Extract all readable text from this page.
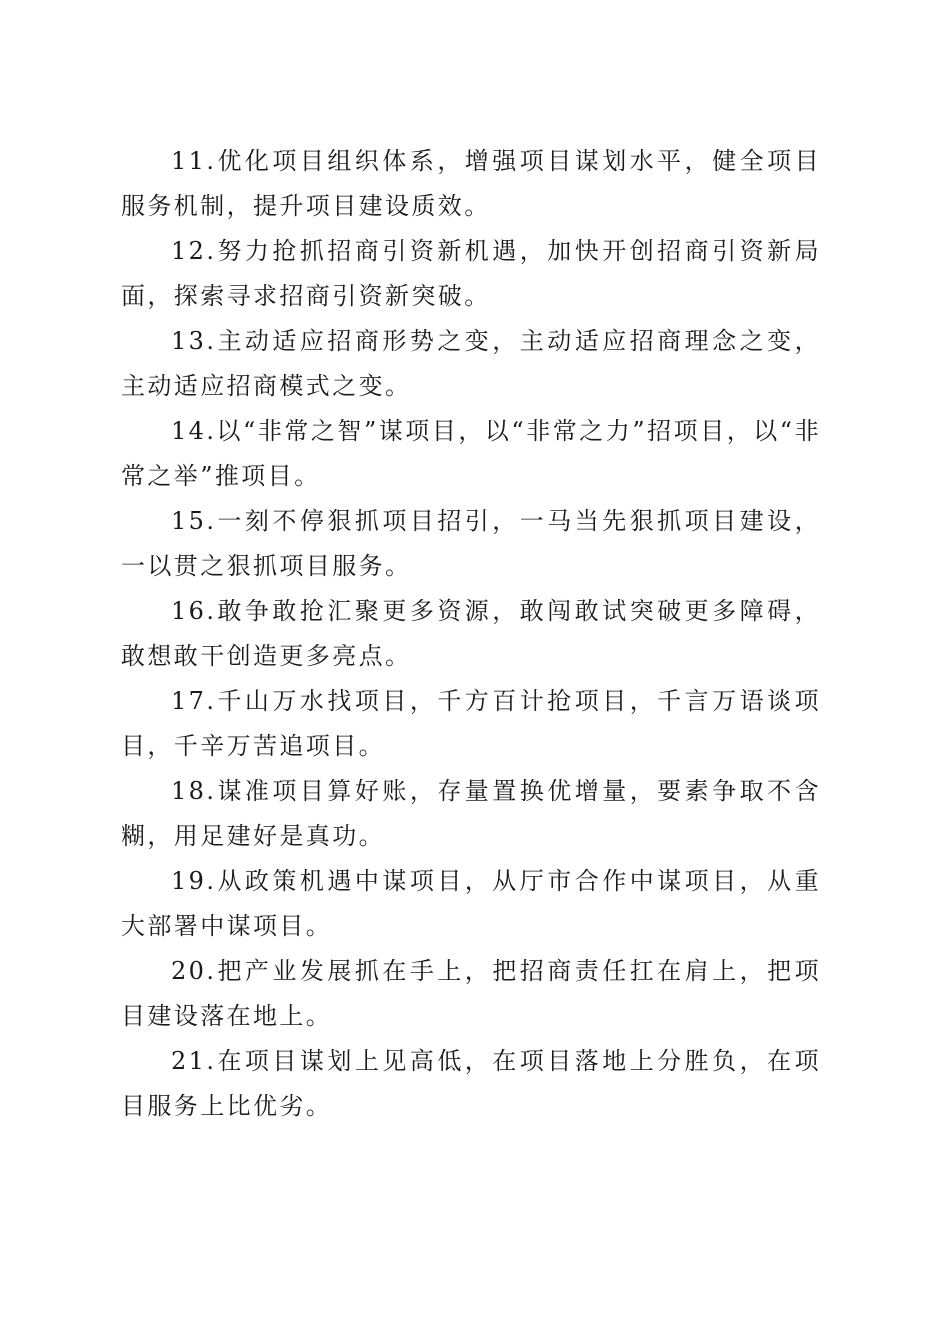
11.优化项目组织体系，增强项目谋划水平，健全项目服务机制，提升项目建设质效。

12.努力抢抓招商引资新机遇，加快开创招商引资新局面，探索寻求招商引资新突破。

13.主动适应招商形势之变，主动适应招商理念之变，主动适应招商模式之变。

14.以“非常之智”谋项目，以“非常之力”招项目，以“非常之举”推项目。

15.一刻不停狠抓项目招引，一马当先狠抓项目建设，一以贯之狠抓项目服务。

16.敢争敢抢汇聚更多资源，敢闯敢试突破更多障碍，敢想敢干创造更多亮点。

17.千山万水找项目，千方百计抢项目，千言万语谈项目，千辛万苦追项目。

18.谋准项目算好账，存量置换优增量，要素争取不含糊，用足建好是真功。

19.从政策机遇中谋项目，从厅市合作中谋项目，从重大部署中谋项目。

20.把产业发展抓在手上，把招商责任扛在肩上，把项目建设落在地上。

21.在项目谋划上见高低，在项目落地上分胜负，在项目服务上比优劣。
